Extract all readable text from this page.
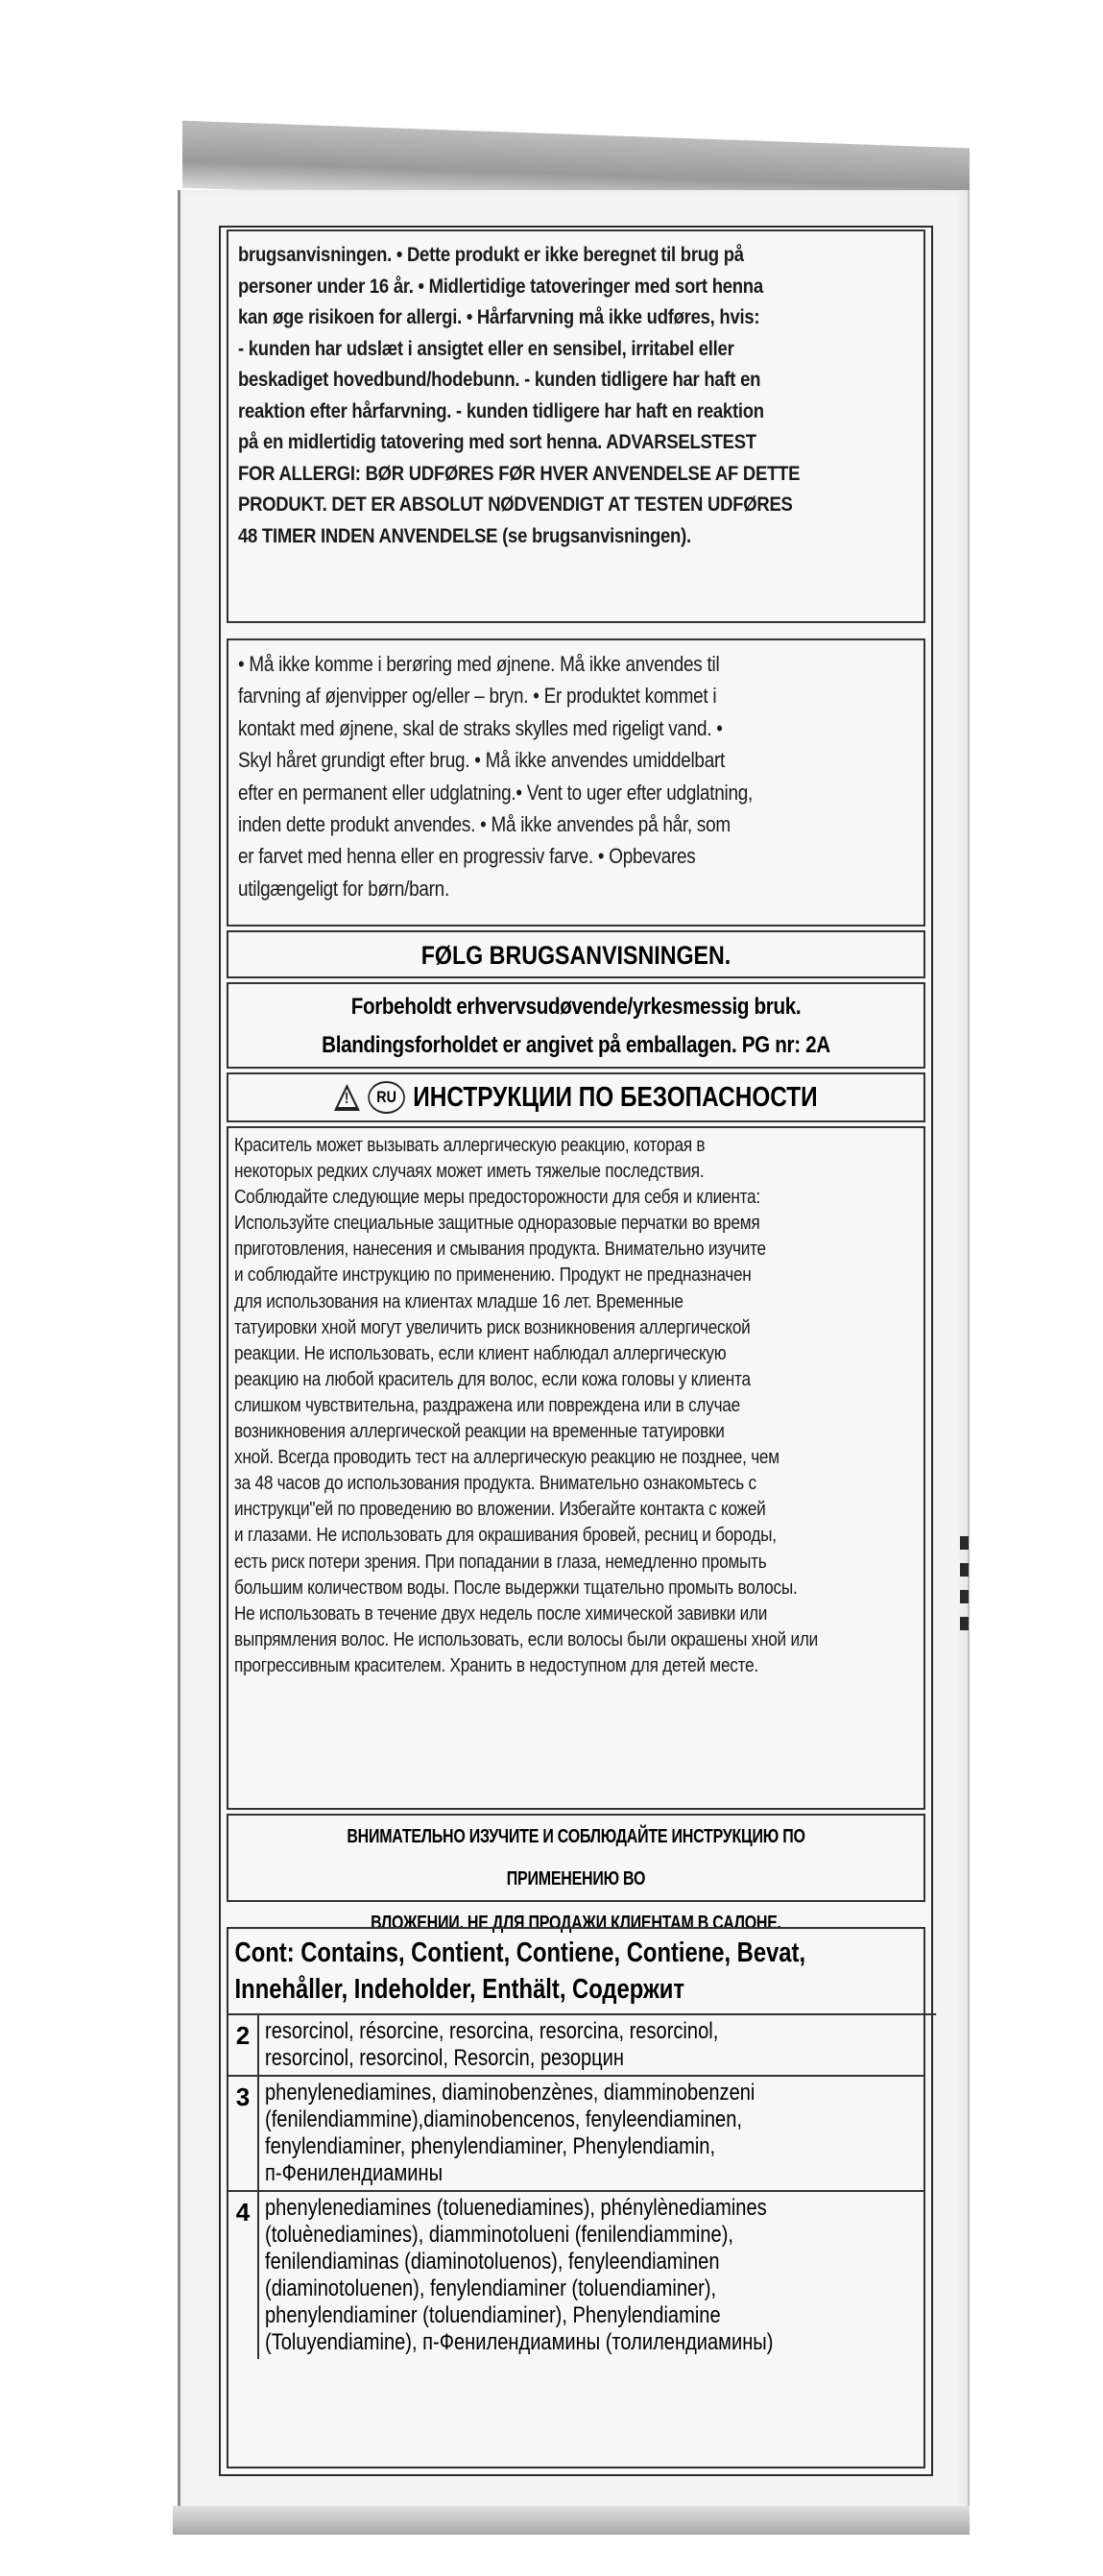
brugsanvisningen. • Dette produkt er ikke beregnet til brug på
personer under 16 år. • Midlertidige tatoveringer med sort henna
kan øge risikoen for allergi. • Hårfarvning må ikke udføres, hvis:
- kunden har udslæt i ansigtet eller en sensibel, irritabel eller
beskadiget hovedbund/hodebunn. - kunden tidligere har haft en
reaktion efter hårfarvning. - kunden tidligere har haft en reaktion
på en midlertidig tatovering med sort henna. ADVARSELSTEST
FOR ALLERGI: BØR UDFØRES FØR HVER ANVENDELSE AF DETTE
PRODUKT. DET ER ABSOLUT NØDVENDIGT AT TESTEN UDFØRES
48 TIMER INDEN ANVENDELSE (se brugsanvisningen).
• Må ikke komme i berøring med øjnene. Må ikke anvendes til
farvning af øjenvipper og/eller – bryn. • Er produktet kommet i
kontakt med øjnene, skal de straks skylles med rigeligt vand. •
Skyl håret grundigt efter brug. • Må ikke anvendes umiddelbart
efter en permanent eller udglatning.• Vent to uger efter udglatning,
inden dette produkt anvendes. • Må ikke anvendes på hår, som
er farvet med henna eller en progressiv farve. • Opbevares
utilgængeligt for børn/barn.
FØLG BRUGSANVISNINGEN.
Forbeholdt erhvervsudøvende/yrkesmessig bruk.
Blandingsforholdet er angivet på emballagen. PG nr: 2A
!	RU ИНСТРУКЦИИ ПО БЕЗОПАСНОСТИ
Краситель может вызывать аллергическую реакцию, которая в
некоторых редких случаях может иметь тяжелые последствия.
Соблюдайте следующие меры предосторожности для себя и клиента:
Используйте специальные защитные одноразовые перчатки во время
приготовления, нанесения и смывания продукта. Внимательно изучите
и соблюдайте инструкцию по применению. Продукт не предназначен
для использования на клиентах младше 16 лет. Временные
татуировки хной могут увеличить риск возникновения аллергической
реакции. Не использовать, если клиент наблюдал аллергическую
реакцию на любой краситель для волос, если кожа головы у клиента
слишком чувствительна, раздражена или повреждена или в случае
возникновения аллергической реакции на временные татуировки
хной. Всегда проводить тест на аллергическую реакцию не позднее, чем
за 48 часов до использования продукта. Внимательно ознакомьтесь с
инструкци"ей по проведению во вложении. Избегайте контакта с кожей
и глазами. Не использовать для окрашивания бровей, ресниц и бороды,
есть риск потери зрения. При попадании в глаза, немедленно промыть
большим количеством воды. После выдержки тщательно промыть волосы.
Не использовать в течение двух недель после химической завивки или
выпрямления волос. Не использовать, если волосы были окрашены хной или
прогрессивным красителем. Хранить в недоступном для детей месте.
ВНИМАТЕЛЬНО ИЗУЧИТЕ И СОБЛЮДАЙТЕ ИНСТРУКЦИЮ ПО ПРИМЕНЕНИЮ ВО
ВЛОЖЕНИИ. НЕ ДЛЯ ПРОДАЖИ КЛИЕНТАМ В САЛОНЕ.
Cont: Contains, Contient, Contiene, Contiene, Bevat,
Innehåller, Indeholder, Enthält, Содержит
2 resorcinol, résorcine, resorcina, resorcina, resorcinol,
resorcinol, resorcinol, Resorcin, резорцин
3 phenylenediamines, diaminobenzènes, diamminobenzeni
(fenilendiammine),diaminobencenos, fenyleendiaminen,
fenylendiaminer, phenylendiaminer, Phenylendiamin,
п-Фенилендиамины
4 phenylenediamines (toluenediamines), phénylènediamines
(toluènediamines), diamminotolueni (fenilendiammine),
fenilendiaminas (diaminotoluenos), fenyleendiaminen
(diaminotoluenen), fenylendiaminer (toluendiaminer),
phenylendiaminer (toluendiaminer), Phenylendiamine
(Toluyendiamine), п-Фенилендиамины (толилендиамины)
